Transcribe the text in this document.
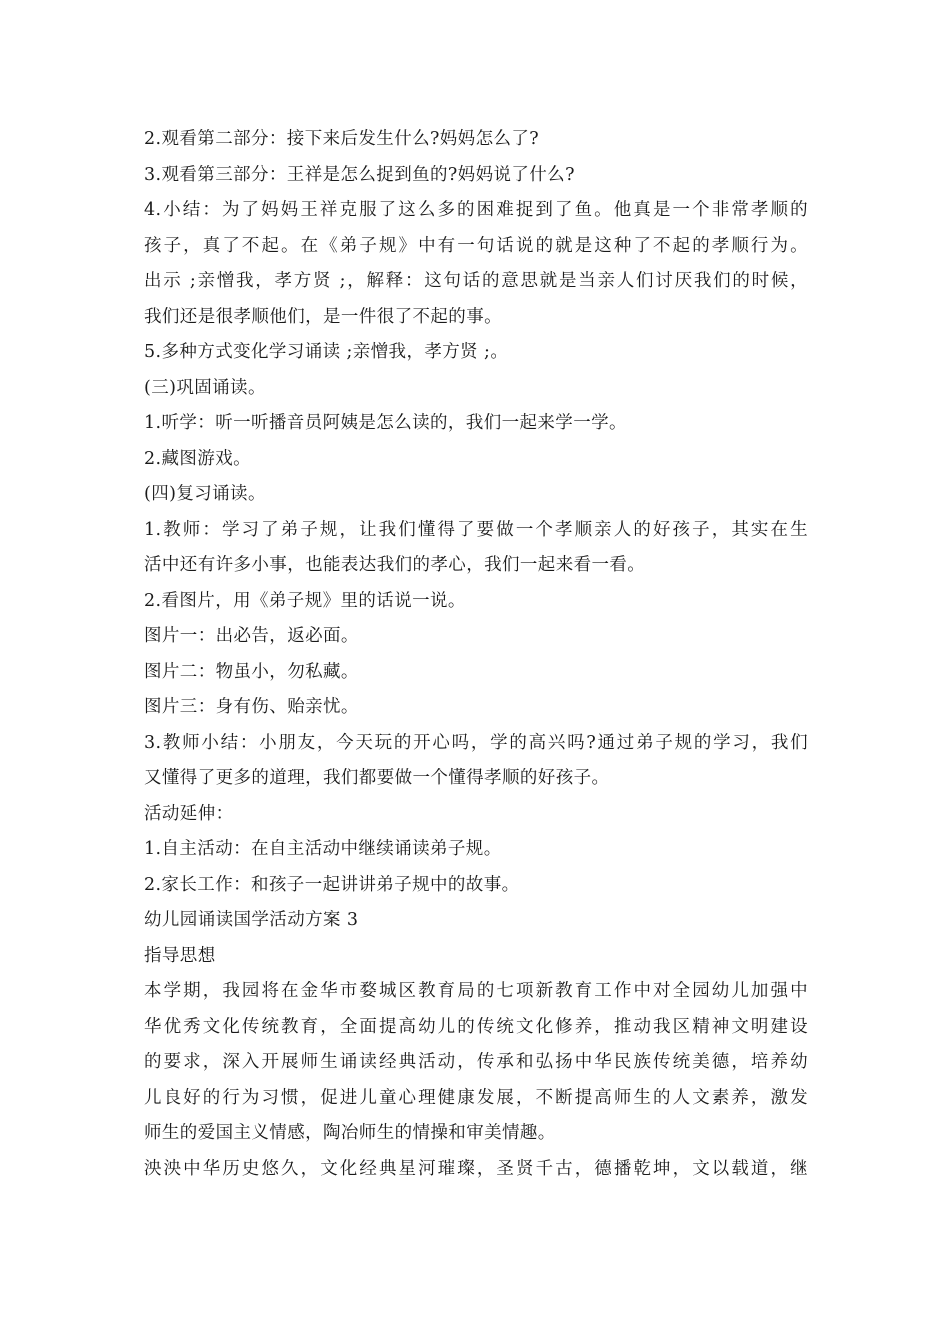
2.观看第二部分：接下来后发生什么?妈妈怎么了?
3.观看第三部分：王祥是怎么捉到鱼的?妈妈说了什么?
4.小结：为了妈妈王祥克服了这么多的困难捉到了鱼。他真是一个非常孝顺的
孩子，真了不起。在《弟子规》中有一句话说的就是这种了不起的孝顺行为。
出示 ;亲憎我，孝方贤 ;，解释：这句话的意思就是当亲人们讨厌我们的时候，
我们还是很孝顺他们，是一件很了不起的事。
5.多种方式变化学习诵读 ;亲憎我，孝方贤 ;。
(三)巩固诵读。
1.听学：听一听播音员阿姨是怎么读的，我们一起来学一学。
2.藏图游戏。
(四)复习诵读。
1.教师：学习了弟子规，让我们懂得了要做一个孝顺亲人的好孩子，其实在生
活中还有许多小事，也能表达我们的孝心，我们一起来看一看。
2.看图片，用《弟子规》里的话说一说。
图片一：出必告，返必面。
图片二：物虽小，勿私藏。
图片三：身有伤、贻亲忧。
3.教师小结：小朋友，今天玩的开心吗，学的高兴吗?通过弟子规的学习，我们
又懂得了更多的道理，我们都要做一个懂得孝顺的好孩子。
活动延伸：
1.自主活动：在自主活动中继续诵读弟子规。
2.家长工作：和孩子一起讲讲弟子规中的故事。
幼儿园诵读国学活动方案 3
指导思想
本学期，我园将在金华市婺城区教育局的七项新教育工作中对全园幼儿加强中
华优秀文化传统教育，全面提高幼儿的传统文化修养，推动我区精神文明建设
的要求，深入开展师生诵读经典活动，传承和弘扬中华民族传统美德，培养幼
儿良好的行为习惯，促进儿童心理健康发展，不断提高师生的人文素养，激发
师生的爱国主义情感，陶冶师生的情操和审美情趣。
泱泱中华历史悠久，文化经典星河璀璨，圣贤千古，德播乾坤，文以载道，继
